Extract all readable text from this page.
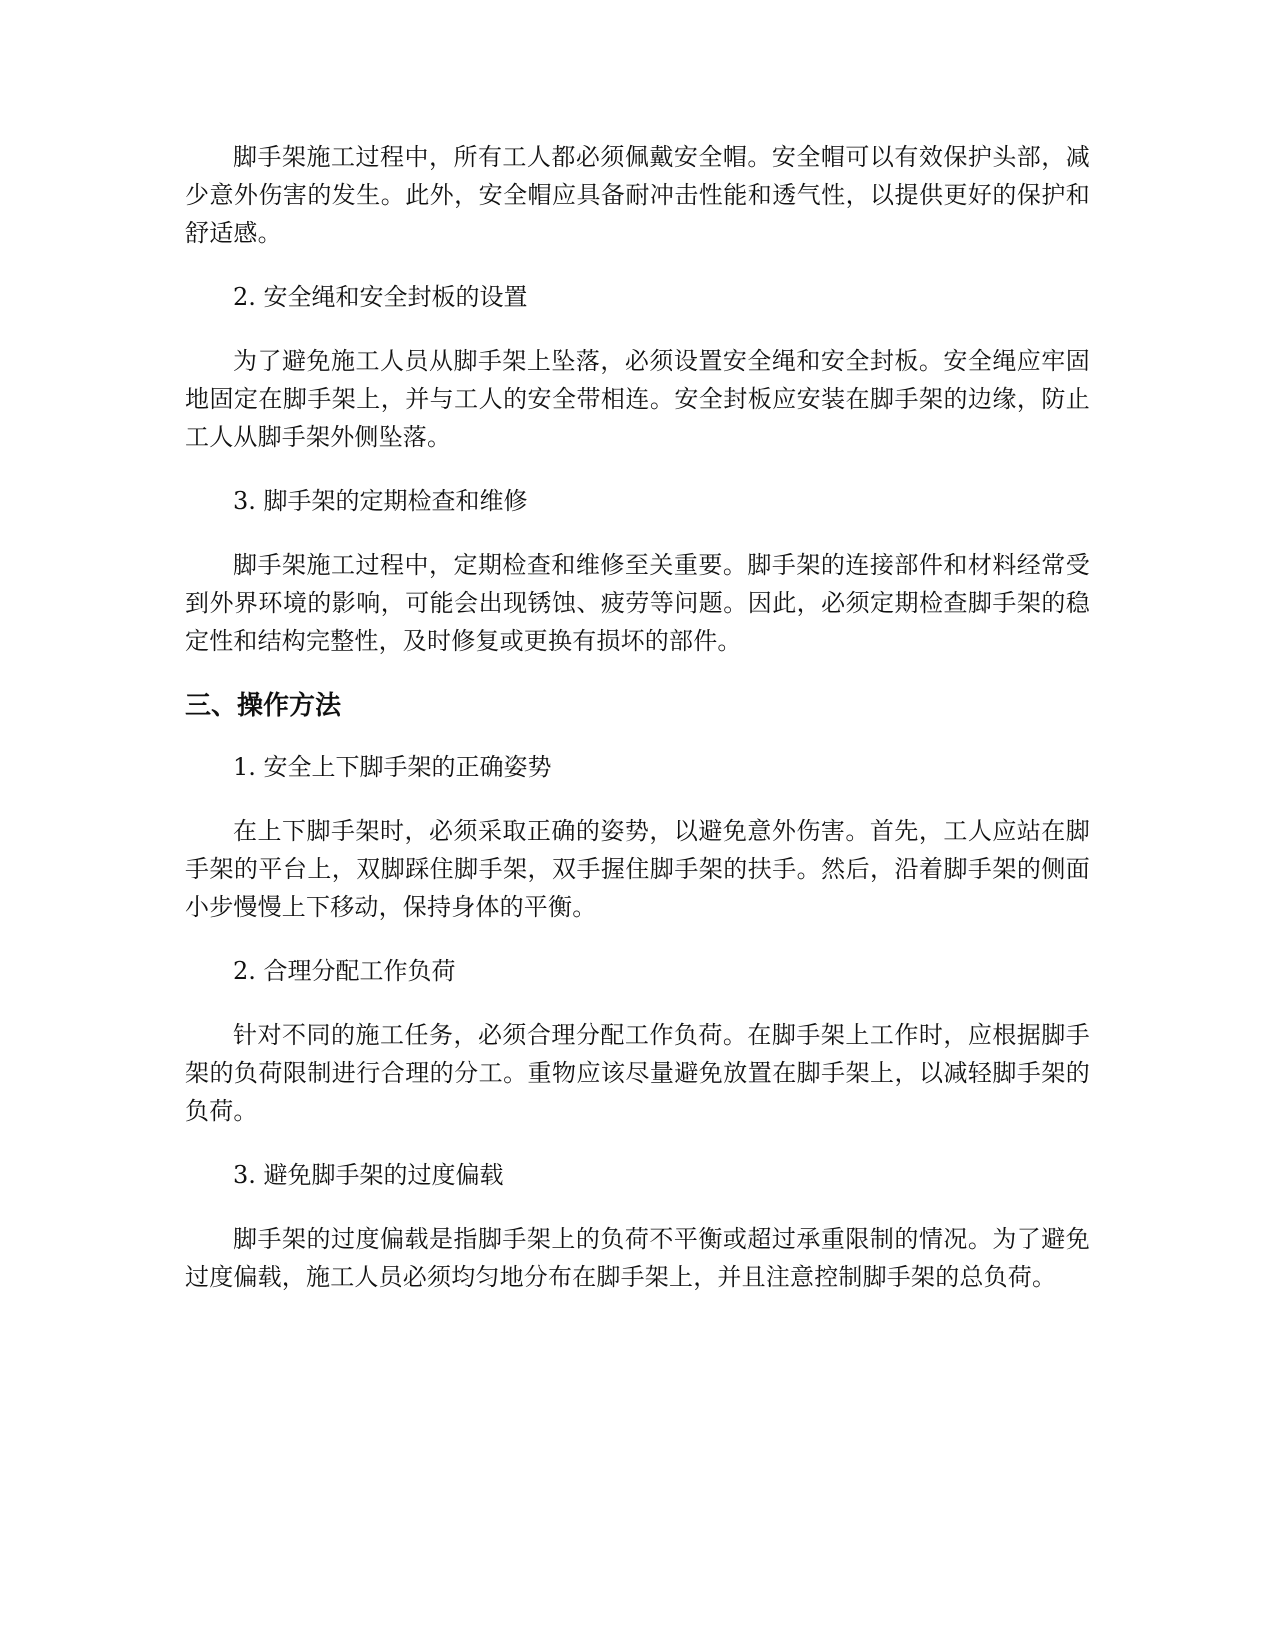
脚手架施工过程中，所有工人都必须佩戴安全帽。安全帽可以有效保护头部，减少意外伤害的发生。此外，安全帽应具备耐冲击性能和透气性，以提供更好的保护和舒适感。

2. 安全绳和安全封板的设置

为了避免施工人员从脚手架上坠落，必须设置安全绳和安全封板。安全绳应牢固地固定在脚手架上，并与工人的安全带相连。安全封板应安装在脚手架的边缘，防止工人从脚手架外侧坠落。

3. 脚手架的定期检查和维修

脚手架施工过程中，定期检查和维修至关重要。脚手架的连接部件和材料经常受到外界环境的影响，可能会出现锈蚀、疲劳等问题。因此，必须定期检查脚手架的稳定性和结构完整性，及时修复或更换有损坏的部件。

三、操作方法

1. 安全上下脚手架的正确姿势

在上下脚手架时，必须采取正确的姿势，以避免意外伤害。首先，工人应站在脚手架的平台上，双脚踩住脚手架，双手握住脚手架的扶手。然后，沿着脚手架的侧面小步慢慢上下移动，保持身体的平衡。

2. 合理分配工作负荷

针对不同的施工任务，必须合理分配工作负荷。在脚手架上工作时，应根据脚手架的负荷限制进行合理的分工。重物应该尽量避免放置在脚手架上，以减轻脚手架的负荷。

3. 避免脚手架的过度偏载

脚手架的过度偏载是指脚手架上的负荷不平衡或超过承重限制的情况。为了避免过度偏载，施工人员必须均匀地分布在脚手架上，并且注意控制脚手架的总负荷。
